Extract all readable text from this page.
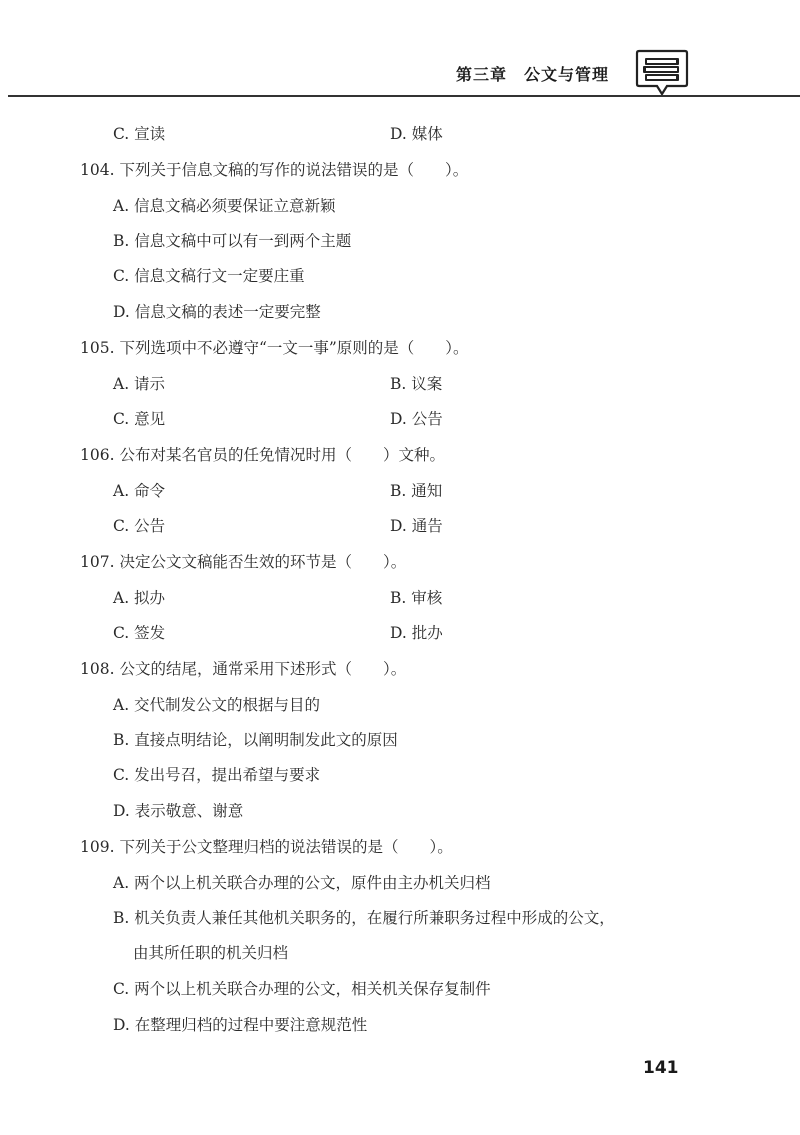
第三章　公文与管理
C. 宣读	D. 媒体
104. 下列关于信息文稿的写作的说法错误的是（　　）。
A. 信息文稿必须要保证立意新颖
B. 信息文稿中可以有一到两个主题
C. 信息文稿行文一定要庄重
D. 信息文稿的表述一定要完整
105. 下列选项中不必遵守“一文一事”原则的是（　　）。
A. 请示	B. 议案
C. 意见	D. 公告
106. 公布对某名官员的任免情况时用（　　）文种。
A. 命令	B. 通知
C. 公告	D. 通告
107. 决定公文文稿能否生效的环节是（　　）。
A. 拟办	B. 审核
C. 签发	D. 批办
108. 公文的结尾，通常采用下述形式（　　）。
A. 交代制发公文的根据与目的
B. 直接点明结论，以阐明制发此文的原因
C. 发出号召，提出希望与要求
D. 表示敬意、谢意
109. 下列关于公文整理归档的说法错误的是（　　）。
A. 两个以上机关联合办理的公文，原件由主办机关归档
B. 机关负责人兼任其他机关职务的，在履行所兼职务过程中形成的公文，
由其所任职的机关归档
C. 两个以上机关联合办理的公文，相关机关保存复制件
D. 在整理归档的过程中要注意规范性
141
